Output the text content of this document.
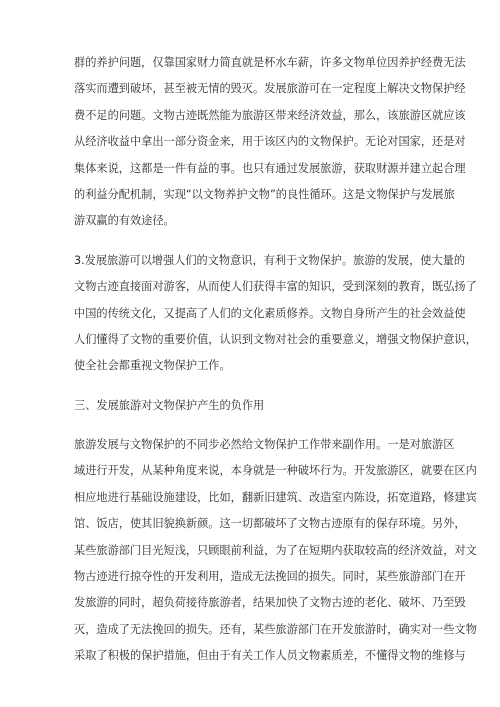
群的养护问题，仅靠国家财力简直就是杯水车薪，许多文物单位因养护经费无法
落实而遭到破坏，甚至被无情的毁灭。发展旅游可在一定程度上解决文物保护经
费不足的问题。文物古迹既然能为旅游区带来经济效益，那么，该旅游区就应该
从经济收益中拿出一部分资金来，用于该区内的文物保护。无论对国家，还是对
集体来说，这都是一件有益的事。也只有通过发展旅游，获取财源并建立起合理
的利益分配机制，实现“以文物养护文物”的良性循环。这是文物保护与发展旅
游双赢的有效途径。
3.发展旅游可以增强人们的文物意识，有利于文物保护。旅游的发展，使大量的
文物古迹直接面对游客，从而使人们获得丰富的知识，受到深刻的教育，既弘扬了
中国的传统文化，又提高了人们的文化素质修养。文物自身所产生的社会效益使
人们懂得了文物的重要价值，认识到文物对社会的重要意义，增强文物保护意识，
使全社会都重视文物保护工作。
三、发展旅游对文物保护产生的负作用
旅游发展与文物保护的不同步必然给文物保护工作带来副作用。一是对旅游区
域进行开发，从某种角度来说，本身就是一种破坏行为。开发旅游区，就要在区内
相应地进行基础设施建设，比如，翻新旧建筑、改造室内陈设，拓宽道路，修建宾
馆、饭店，使其旧貌换新颜。这一切都破坏了文物古迹原有的保存环境。另外，
某些旅游部门目光短浅，只顾眼前利益，为了在短期内获取较高的经济效益，对文
物古迹进行掠夺性的开发利用，造成无法挽回的损失。同时，某些旅游部门在开
发旅游的同时，超负荷接待旅游者，结果加快了文物古迹的老化、破坏、乃至毁
灭，造成了无法挽回的损失。还有，某些旅游部门在开发旅游时，确实对一些文物
采取了积极的保护措施，但由于有关工作人员文物素质差，不懂得文物的维修与
